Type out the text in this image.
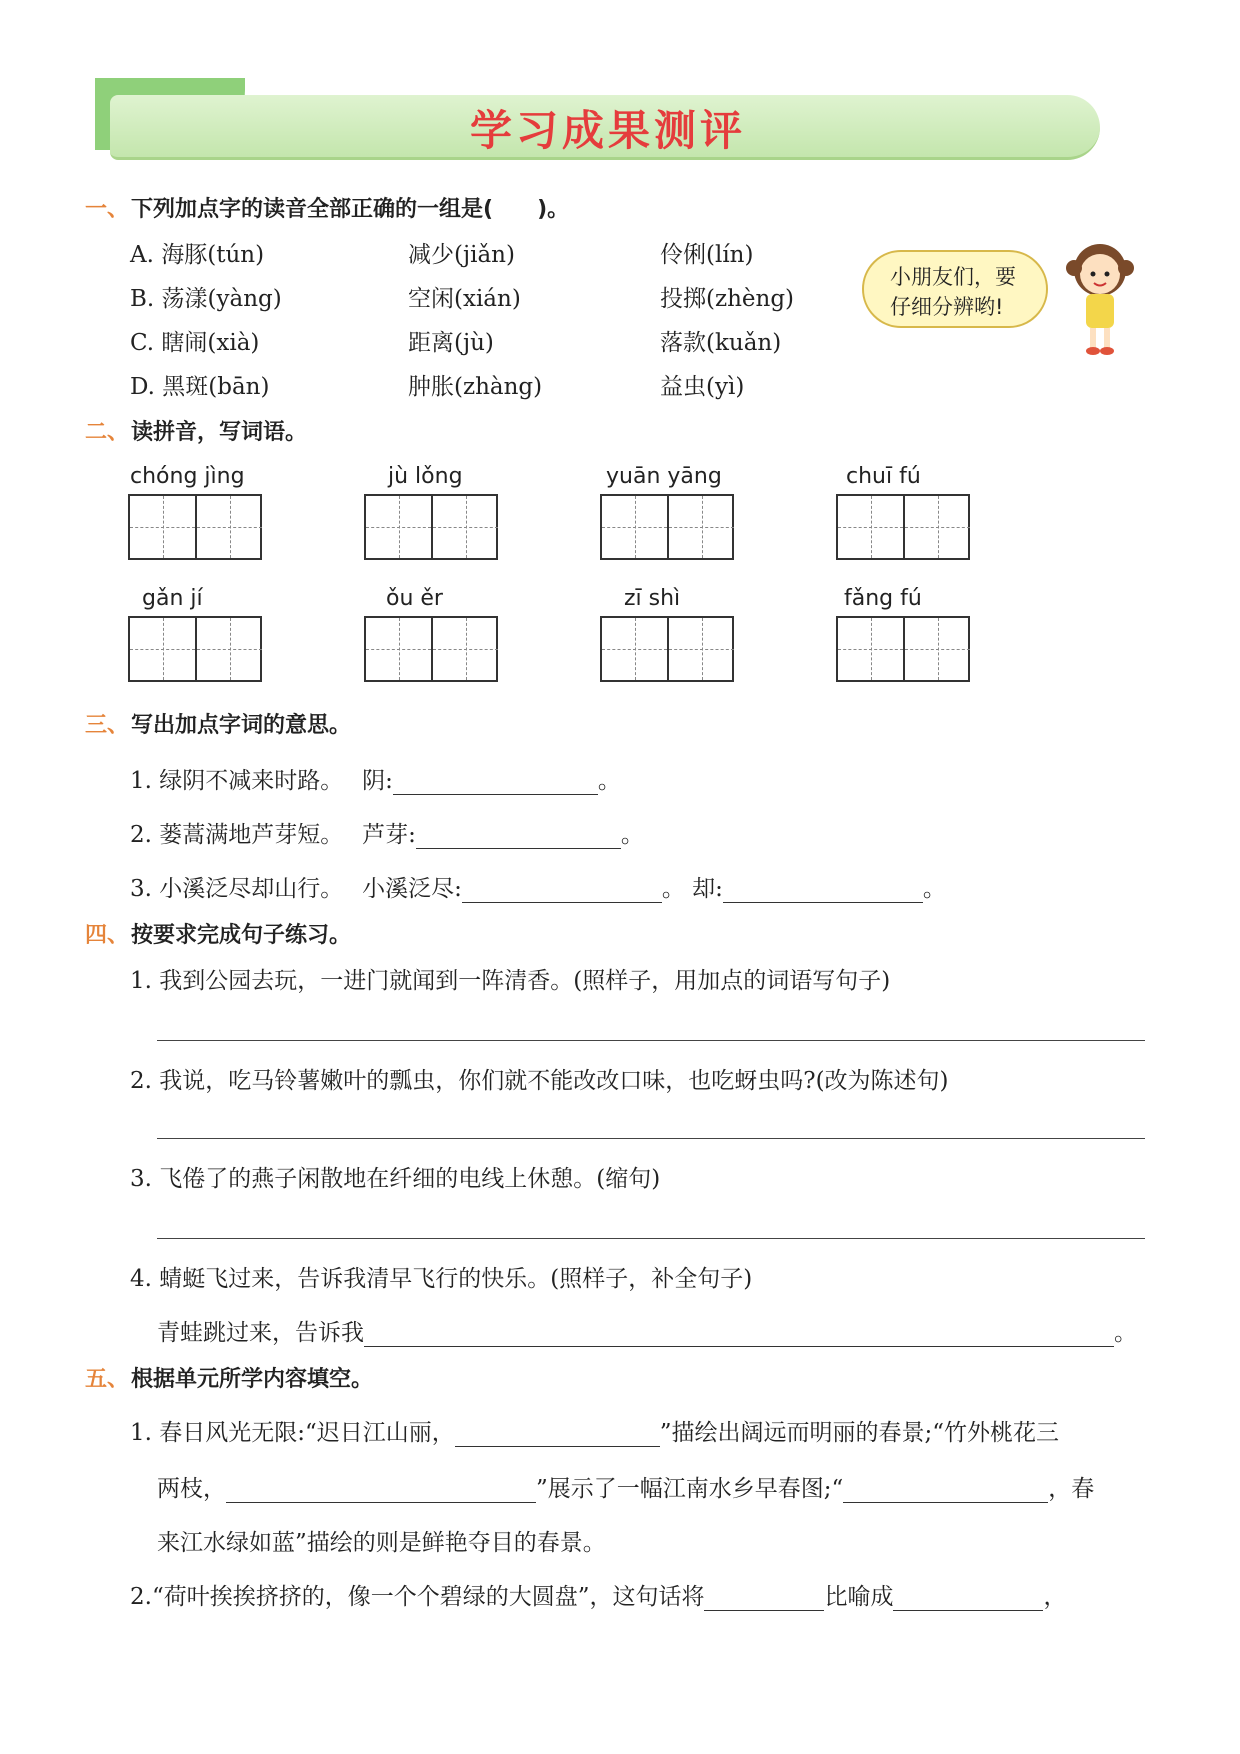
学习成果测评
一、下列加点字的读音全部正确的一组是(　　)。
A. 海豚(tún)	减少(jiǎn)	伶俐(lín)
B. 荡漾(yàng)	空闲(xián)	投掷(zhèng)
C. 瞎闹(xià)	距离(jù)	落款(kuǎn)
D. 黑斑(bān)	肿胀(zhàng)	益虫(yì)
小朋友们，要仔细分辨哟!
二、读拼音，写词语。
chóng jìng	jù lǒng	yuān yāng	chuī fú
gǎn jí	ǒu ěr	zī shì	fǎng fú
三、写出加点字词的意思。
1. 绿阴不减来时路。　 阴:	。
2. 蒌蒿满地芦芽短。　 芦芽:	。
3. 小溪泛尽却山行。　 小溪泛尽:	。 却:	。
四、按要求完成句子练习。
1. 我到公园去玩，一进门就闻到一阵清香。(照样子，用加点的词语写句子)
2. 我说，吃马铃薯嫩叶的瓢虫，你们就不能改改口味，也吃蚜虫吗?(改为陈述句)
3. 飞倦了的燕子闲散地在纤细的电线上休憩。(缩句)
4. 蜻蜓飞过来，告诉我清早飞行的快乐。(照样子，补全句子)
青蛙跳过来，告诉我	。
五、根据单元所学内容填空。
1. 春日风光无限:“迟日江山丽，	”描绘出阔远而明丽的春景;“竹外桃花三
两枝，	”展示了一幅江南水乡早春图;“	，春
来江水绿如蓝”描绘的则是鲜艳夺目的春景。
2.“荷叶挨挨挤挤的，像一个个碧绿的大圆盘”，这句话将	比喻成	，
